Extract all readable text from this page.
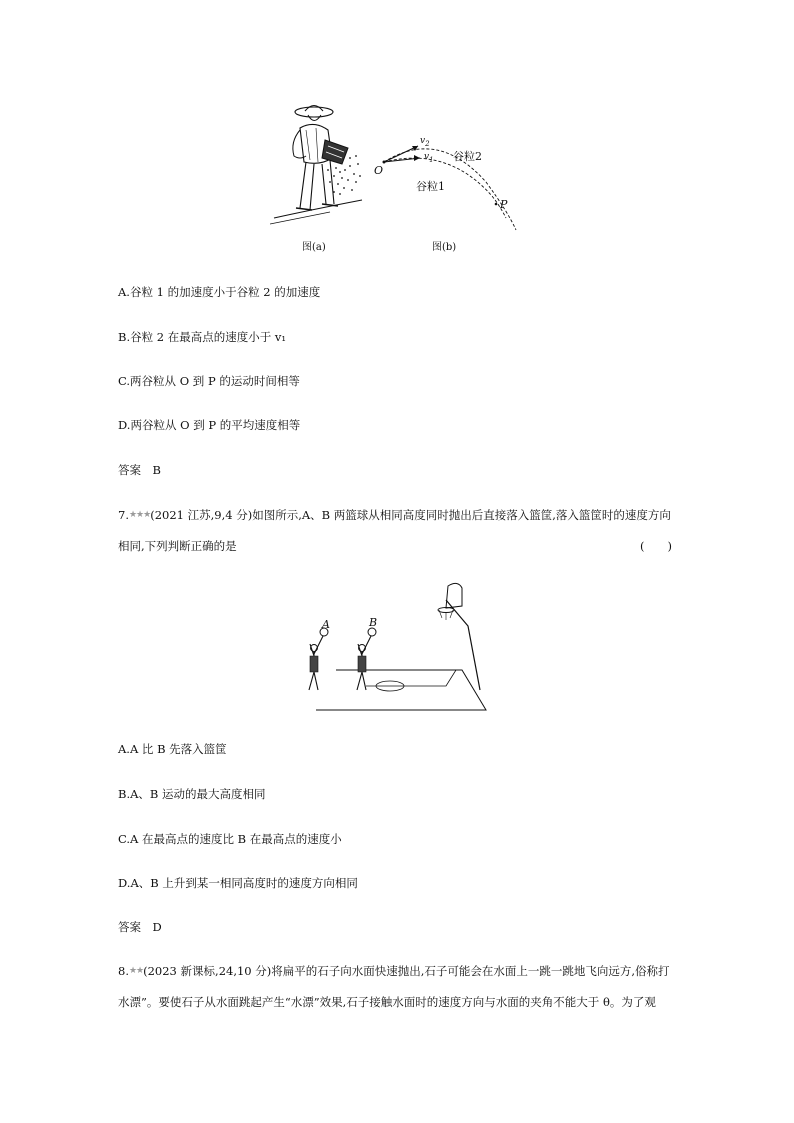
图(a)
O
$v_2$
$v_1$ 谷粒2
谷粒1
P
图(b)
A.谷粒 1 的加速度小于谷粒 2 的加速度
B.谷粒 2 在最高点的速度小于 v₁
C.两谷粒从 O 到 P 的运动时间相等
D.两谷粒从 O 到 P 的平均速度相等
答案　B
7.★★★(2021 江苏,9,4 分)如图所示,A、B 两篮球从相同高度同时抛出后直接落入篮筐,落入篮筐时的速度方向
相同,下列判断正确的是	(　　)
A	B
A.A 比 B 先落入篮筐
B.A、B 运动的最大高度相同
C.A 在最高点的速度比 B 在最高点的速度小
D.A、B 上升到某一相同高度时的速度方向相同
答案　D
8.★★(2023 新课标,24,10 分)将扁平的石子向水面快速抛出,石子可能会在水面上一跳一跳地飞向远方,俗称打
水漂”。要使石子从水面跳起产生“水漂”效果,石子接触水面时的速度方向与水面的夹角不能大于 θ。为了观
